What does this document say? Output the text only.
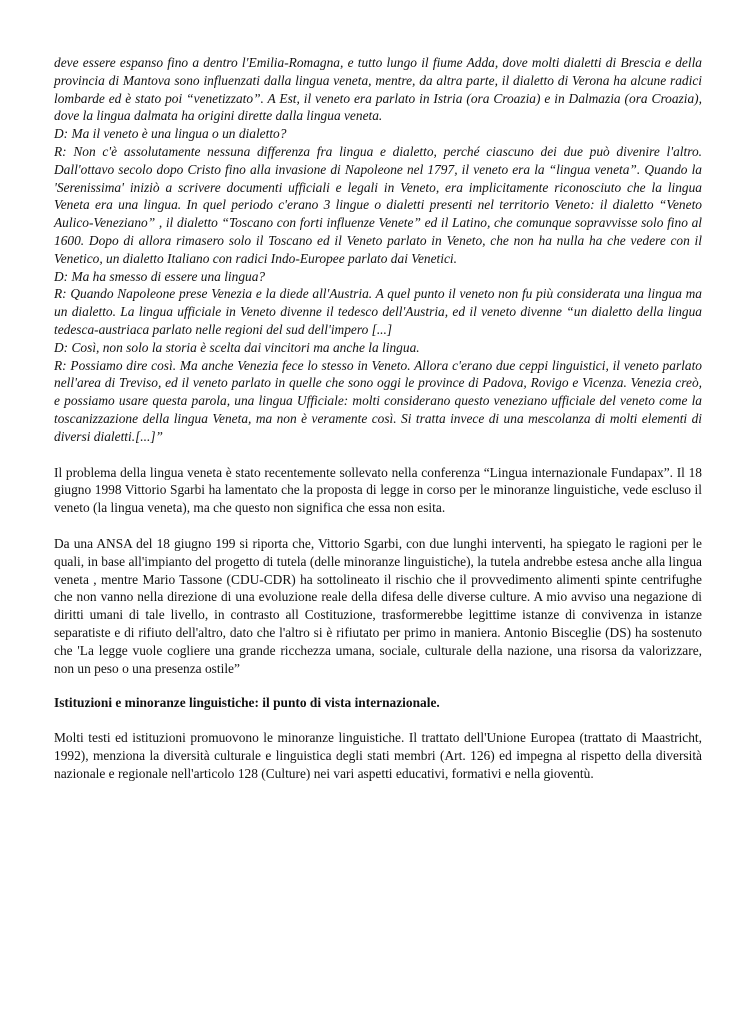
deve essere espanso fino a dentro l'Emilia-Romagna, e tutto lungo il fiume Adda, dove molti dialetti di Brescia e della provincia di Mantova sono influenzati dalla lingua veneta, mentre, da altra parte, il dialetto di Verona ha alcune radici lombarde ed è stato poi “venetizzato”. A Est, il veneto era parlato in Istria (ora Croazia) e in Dalmazia (ora Croazia), dove la lingua dalmata ha origini dirette dalla lingua veneta.

D: Ma il veneto è una lingua o un dialetto?

R: Non c'è assolutamente nessuna differenza fra lingua e dialetto, perché ciascuno dei due può divenire l'altro. Dall'ottavo secolo dopo Cristo fino alla invasione di Napoleone nel 1797, il veneto era la “lingua veneta”. Quando la 'Serenissima' iniziò a scrivere documenti ufficiali e legali in Veneto, era implicitamente riconosciuto che la lingua Veneta era una lingua. In quel periodo c'erano 3 lingue o dialetti presenti nel territorio Veneto: il dialetto “Veneto Aulico-Veneziano” , il dialetto “Toscano con forti influenze Venete” ed il Latino, che comunque sopravvisse solo fino al 1600. Dopo di allora rimasero solo il Toscano ed il Veneto parlato in Veneto, che non ha nulla ha che vedere con il Venetico, un dialetto Italiano con radici Indo-Europee parlato dai Venetici.

D: Ma ha smesso di essere una lingua?

R: Quando Napoleone prese Venezia e la diede all'Austria. A quel punto il veneto non fu più considerata una lingua ma un dialetto. La lingua ufficiale in Veneto divenne il tedesco dell'Austria, ed il veneto divenne “un dialetto della lingua tedesca-austriaca parlato nelle regioni del sud dell'impero [...]

D: Così, non solo la storia è scelta dai vincitori ma anche la lingua.

R: Possiamo dire così. Ma anche Venezia fece lo stesso in Veneto. Allora c'erano due ceppi linguistici, il veneto parlato nell'area di Treviso, ed il veneto parlato in quelle che sono oggi le province di Padova, Rovigo e Vicenza. Venezia creò, e possiamo usare questa parola, una lingua Ufficiale: molti considerano questo veneziano ufficiale del veneto come la toscanizzazione della lingua Veneta, ma non è veramente così. Si tratta invece di una mescolanza di molti elementi di diversi dialetti.[...]”

Il problema della lingua veneta è stato recentemente sollevato nella conferenza “Lingua internazionale Fundapax”. Il 18 giugno 1998 Vittorio Sgarbi ha lamentato che la proposta di legge in corso per le minoranze linguistiche, vede escluso il veneto (la lingua veneta), ma che questo non significa che essa non esita.

Da una ANSA del 18 giugno 199 si riporta che, Vittorio Sgarbi, con due lunghi interventi, ha spiegato le ragioni per le quali, in base all'impianto del progetto di tutela (delle minoranze linguistiche), la tutela andrebbe estesa anche alla lingua veneta , mentre Mario Tassone (CDU-CDR) ha sottolineato il rischio che il provvedimento alimenti spinte centrifughe che non vanno nella direzione di una evoluzione reale della difesa delle diverse culture. A mio avviso una negazione di diritti umani di tale livello, in contrasto all Costituzione, trasformerebbe legittime istanze di convivenza in istanze separatiste e di rifiuto dell'altro, dato che l'altro si è rifiutato per primo in maniera. Antonio Bisceglie (DS) ha sostenuto che 'La legge vuole cogliere una grande ricchezza umana, sociale, culturale della nazione, una risorsa da valorizzare, non un peso o una presenza ostile”

Istituzioni e minoranze linguistiche: il punto di vista internazionale.

Molti testi ed istituzioni promuovono le minoranze linguistiche. Il trattato dell'Unione Europea (trattato di Maastricht, 1992), menziona la diversità culturale e linguistica degli stati membri (Art. 126) ed impegna al rispetto della diversità nazionale e regionale nell'articolo 128 (Culture) nei vari aspetti educativi, formativi e nella gioventù.
